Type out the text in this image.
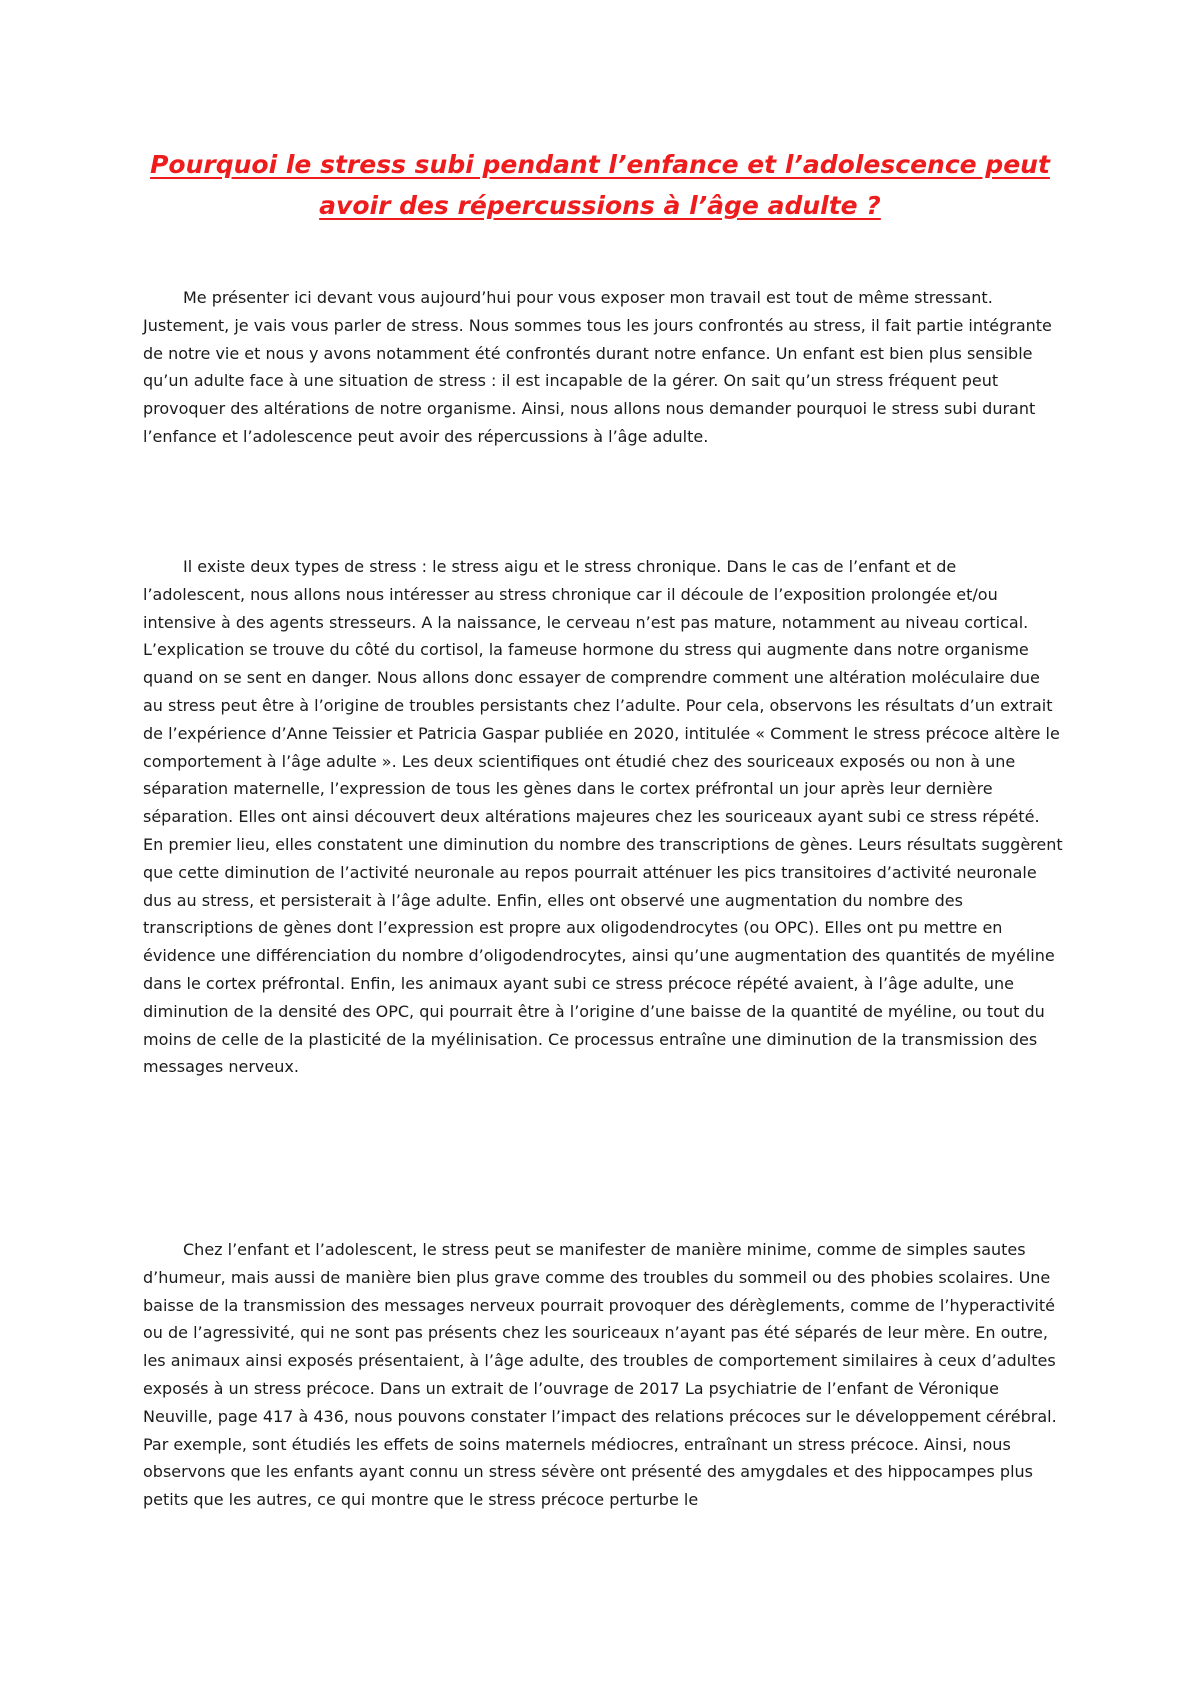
Pourquoi le stress subi pendant l’enfance et l’adolescence peut avoir des répercussions à l’âge adulte ?

Me présenter ici devant vous aujourd’hui pour vous exposer mon travail est tout de même stressant. Justement, je vais vous parler de stress. Nous sommes tous les jours confrontés au stress, il fait partie intégrante de notre vie et nous y avons notamment été confrontés durant notre enfance. Un enfant est bien plus sensible qu’un adulte face à une situation de stress : il est incapable de la gérer. On sait qu’un stress fréquent peut provoquer des altérations de notre organisme. Ainsi, nous allons nous demander pourquoi le stress subi durant l’enfance et l’adolescence peut avoir des répercussions à l’âge adulte.

Il existe deux types de stress : le stress aigu et le stress chronique. Dans le cas de l’enfant et de l’adolescent, nous allons nous intéresser au stress chronique car il découle de l’exposition prolongée et/ou intensive à des agents stresseurs. A la naissance, le cerveau n’est pas mature, notamment au niveau cortical. L’explication se trouve du côté du cortisol, la fameuse hormone du stress qui augmente dans notre organisme quand on se sent en danger. Nous allons donc essayer de comprendre comment une altération moléculaire due au stress peut être à l’origine de troubles persistants chez l’adulte. Pour cela, observons les résultats d’un extrait de l’expérience d’Anne Teissier et Patricia Gaspar publiée en 2020, intitulée « Comment le stress précoce altère le comportement à l’âge adulte ». Les deux scientifiques ont étudié chez des souriceaux exposés ou non à une séparation maternelle, l’expression de tous les gènes dans le cortex préfrontal un jour après leur dernière séparation. Elles ont ainsi découvert deux altérations majeures chez les souriceaux ayant subi ce stress répété. En premier lieu, elles constatent une diminution du nombre des transcriptions de gènes. Leurs résultats suggèrent que cette diminution de l’activité neuronale au repos pourrait atténuer les pics transitoires d’activité neuronale dus au stress, et persisterait à l’âge adulte. Enfin, elles ont observé une augmentation du nombre des transcriptions de gènes dont l’expression est propre aux oligodendrocytes (ou OPC). Elles ont pu mettre en évidence une différenciation du nombre d’oligodendrocytes, ainsi qu’une augmentation des quantités de myéline dans le cortex préfrontal. Enfin, les animaux ayant subi ce stress précoce répété avaient, à l’âge adulte, une diminution de la densité des OPC, qui pourrait être à l’origine d’une baisse de la quantité de myéline, ou tout du moins de celle de la plasticité de la myélinisation. Ce processus entraîne une diminution de la transmission des messages nerveux.

Chez l’enfant et l’adolescent, le stress peut se manifester de manière minime, comme de simples sautes d’humeur, mais aussi de manière bien plus grave comme des troubles du sommeil ou des phobies scolaires. Une baisse de la transmission des messages nerveux pourrait provoquer des dérèglements, comme de l’hyperactivité ou de l’agressivité, qui ne sont pas présents chez les souriceaux n’ayant pas été séparés de leur mère. En outre, les animaux ainsi exposés présentaient, à l’âge adulte, des troubles de comportement similaires à ceux d’adultes exposés à un stress précoce. Dans un extrait de l’ouvrage de 2017 La psychiatrie de l’enfant de Véronique Neuville, page 417 à 436, nous pouvons constater l’impact des relations précoces sur le développement cérébral. Par exemple, sont étudiés les effets de soins maternels médiocres, entraînant un stress précoce. Ainsi, nous observons que les enfants ayant connu un stress sévère ont présenté des amygdales et des hippocampes plus petits que les autres, ce qui montre que le stress précoce perturbe le
